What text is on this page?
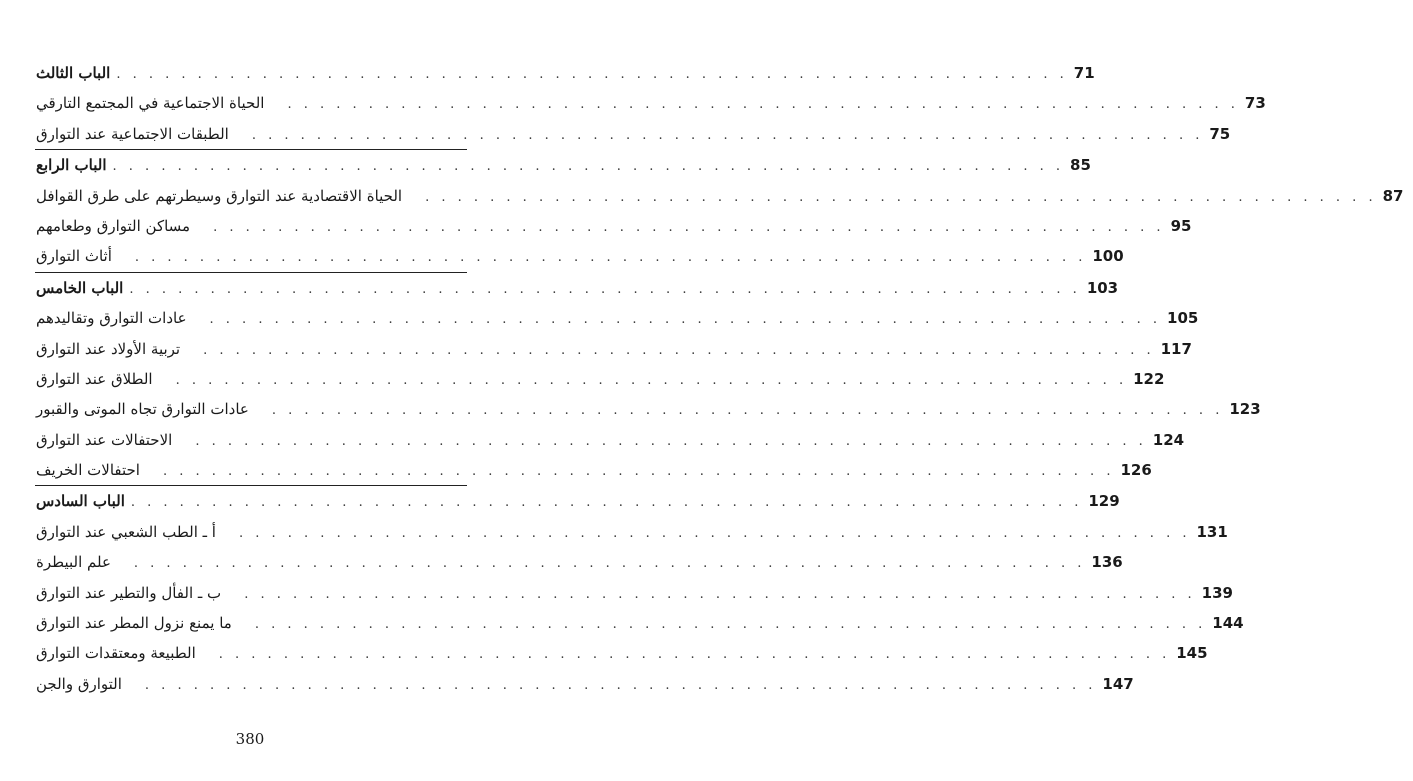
الباب الثالث . . . . . . . . . . . . . . . . . . . . . . . . . . . . . . . . . . . . . . . . . . . . . . . . . . . . . . . . . . . 71
الحياة الاجتماعية في المجتمع التارقي . . . . . . . . . . . . . . . . . . . . . . . . . . . . . . . . . . . . . . . . . . . . . . . . . . . . . . . . . . . 73
الطبقات الاجتماعية عند التوارق . . . . . . . . . . . . . . . . . . . . . . . . . . . . . . . . . . . . . . . . . . . . . . . . . . . . . . . . . . . 75
الباب الرابع . . . . . . . . . . . . . . . . . . . . . . . . . . . . . . . . . . . . . . . . . . . . . . . . . . . . . . . . . . . 85
الحياة الاقتصادية عند التوارق وسيطرتهم على طرق القوافل . . . . . . . . . . . . . . . . . . . . . . . . . . . . . . . . . . . . . . . . . . . . . . . . . . . . . . . . . . . 87
مساكن التوارق وطعامهم . . . . . . . . . . . . . . . . . . . . . . . . . . . . . . . . . . . . . . . . . . . . . . . . . . . . . . . . . . . 95
أثاث التوارق . . . . . . . . . . . . . . . . . . . . . . . . . . . . . . . . . . . . . . . . . . . . . . . . . . . . . . . . . . . 100
الباب الخامس . . . . . . . . . . . . . . . . . . . . . . . . . . . . . . . . . . . . . . . . . . . . . . . . . . . . . . . . . . . 103
عادات التوارق وتقاليدهم . . . . . . . . . . . . . . . . . . . . . . . . . . . . . . . . . . . . . . . . . . . . . . . . . . . . . . . . . . . 105
تربية الأولاد عند التوارق . . . . . . . . . . . . . . . . . . . . . . . . . . . . . . . . . . . . . . . . . . . . . . . . . . . . . . . . . . . 117
الطلاق عند التوارق . . . . . . . . . . . . . . . . . . . . . . . . . . . . . . . . . . . . . . . . . . . . . . . . . . . . . . . . . . . 122
عادات التوارق تجاه الموتى والقبور . . . . . . . . . . . . . . . . . . . . . . . . . . . . . . . . . . . . . . . . . . . . . . . . . . . . . . . . . . . 123
الاحتفالات عند التوارق . . . . . . . . . . . . . . . . . . . . . . . . . . . . . . . . . . . . . . . . . . . . . . . . . . . . . . . . . . . 124
احتفالات الخريف . . . . . . . . . . . . . . . . . . . . . . . . . . . . . . . . . . . . . . . . . . . . . . . . . . . . . . . . . . . 126
الباب السادس . . . . . . . . . . . . . . . . . . . . . . . . . . . . . . . . . . . . . . . . . . . . . . . . . . . . . . . . . . . 129
أ ـ الطب الشعبي عند التوارق . . . . . . . . . . . . . . . . . . . . . . . . . . . . . . . . . . . . . . . . . . . . . . . . . . . . . . . . . . . 131
علم البيطرة . . . . . . . . . . . . . . . . . . . . . . . . . . . . . . . . . . . . . . . . . . . . . . . . . . . . . . . . . . . 136
ب ـ الفأل والتطير عند التوارق . . . . . . . . . . . . . . . . . . . . . . . . . . . . . . . . . . . . . . . . . . . . . . . . . . . . . . . . . . . 139
ما يمنع نزول المطر عند التوارق . . . . . . . . . . . . . . . . . . . . . . . . . . . . . . . . . . . . . . . . . . . . . . . . . . . . . . . . . . . 144
الطبيعة ومعتقدات التوارق . . . . . . . . . . . . . . . . . . . . . . . . . . . . . . . . . . . . . . . . . . . . . . . . . . . . . . . . . . . 145
التوارق والجن . . . . . . . . . . . . . . . . . . . . . . . . . . . . . . . . . . . . . . . . . . . . . . . . . . . . . . . . . . . 147
380
